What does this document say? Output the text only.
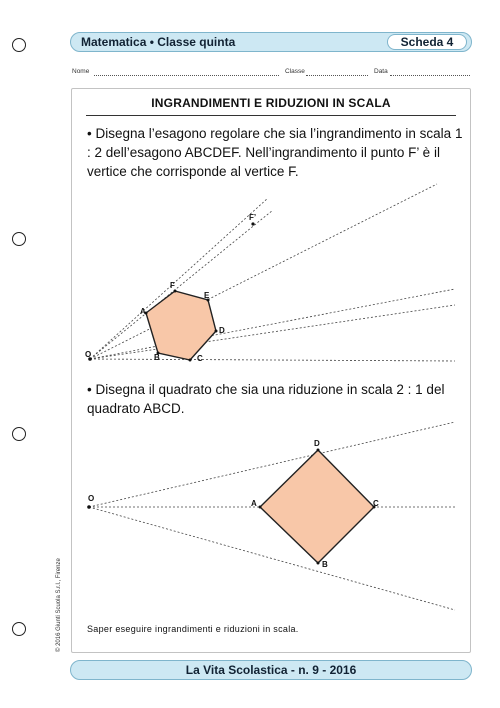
Matematica • Classe quinta	Scheda 4
Nome	Classe	Data
INGRANDIMENTI E RIDUZIONI IN SCALA
• Disegna l’esagono regolare che sia l’ingrandimento in scala 1 : 2 dell’esagono ABCDEF. Nell’ingrandimento il punto F’ è il vertice che corrisponde al vertice F.
• Disegna il quadrato che sia una riduzione in scala 2 : 1 del quadrato ABCD.
O
A
F
E
D
C
B
F’
O
A
D
C
B
Saper eseguire ingrandimenti e riduzioni in scala.
© 2016 Giunti Scuola S.r.l., Firenze
La Vita Scolastica - n. 9 - 2016
